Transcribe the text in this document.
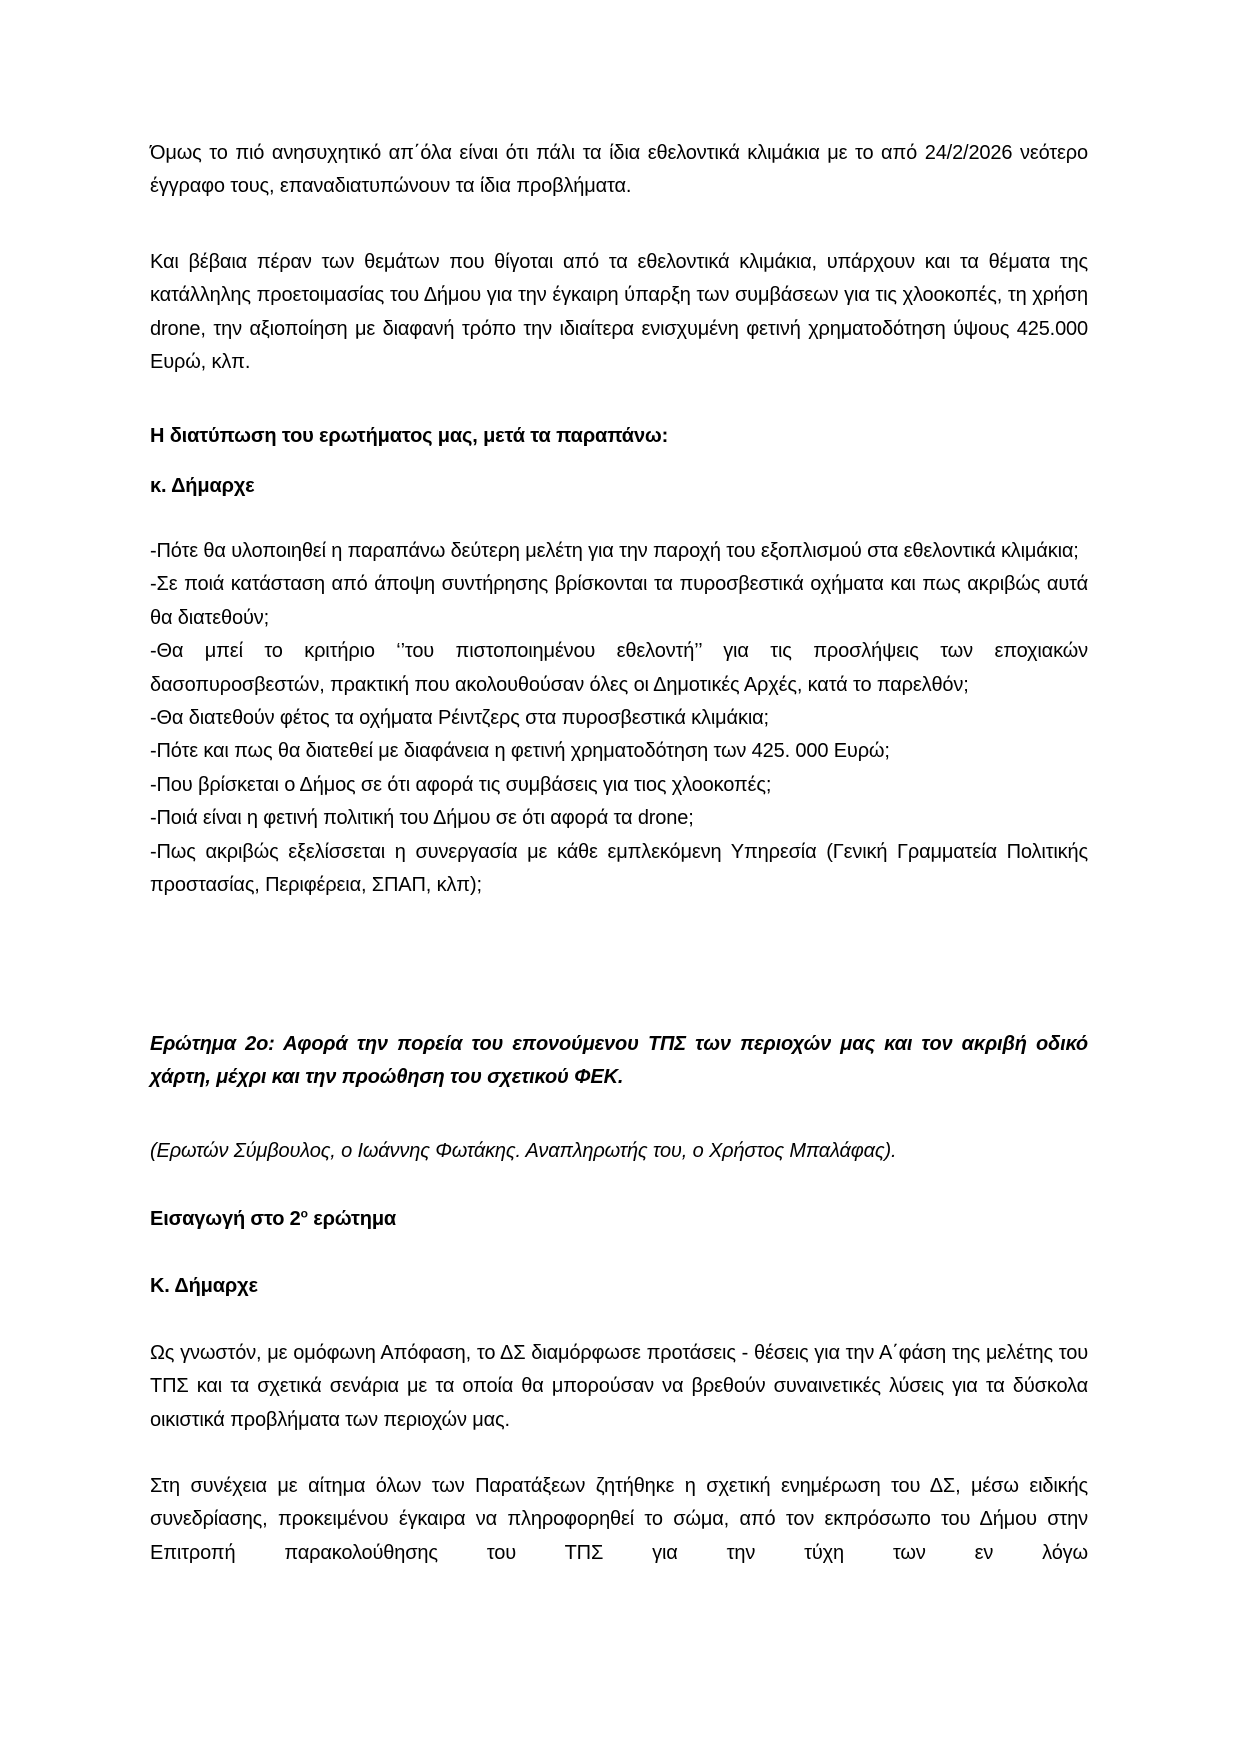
Όμως το πιό ανησυχητικό απ΄όλα είναι ότι πάλι τα ίδια εθελοντικά κλιμάκια με το από 24/2/2026 νεότερο έγγραφο τους, επαναδιατυπώνουν τα ίδια προβλήματα.

Και βέβαια πέραν των θεμάτων που θίγοται από τα εθελοντικά κλιμάκια, υπάρχουν και τα θέματα της κατάλληλης προετοιμασίας του Δήμου για την έγκαιρη ύπαρξη των συμβάσεων για τις χλοοκοπές, τη χρήση drone, την αξιοποίηση με διαφανή τρόπο την ιδιαίτερα ενισχυμένη φετινή χρηματοδότηση ύψους 425.000 Ευρώ, κλπ.

Η διατύπωση του ερωτήματος μας, μετά τα παραπάνω:

κ. Δήμαρχε

-Πότε θα υλοποιηθεί η παραπάνω δεύτερη μελέτη για την παροχή του εξοπλισμού στα εθελοντικά κλιμάκια;
-Σε ποιά κατάσταση από άποψη συντήρησης βρίσκονται τα πυροσβεστικά οχήματα και πως ακριβώς αυτά θα διατεθούν;
-Θα μπεί το κριτήριο ‘’του πιστοποιημένου εθελοντή’’ για τις προσλήψεις των εποχιακών δασοπυροσβεστών, πρακτική που ακολουθούσαν όλες οι Δημοτικές Αρχές, κατά το παρελθόν;
-Θα διατεθούν φέτος τα οχήματα Ρέιντζερς στα πυροσβεστικά κλιμάκια;
-Πότε και πως θα διατεθεί με διαφάνεια η φετινή χρηματοδότηση των 425. 000 Ευρώ;
-Που βρίσκεται ο Δήμος σε ότι αφορά τις συμβάσεις για τιος χλοοκοπές;
-Ποιά είναι η φετινή πολιτική του Δήμου σε ότι αφορά τα drone;
-Πως ακριβώς εξελίσσεται η συνεργασία με κάθε εμπλεκόμενη Υπηρεσία (Γενική Γραμματεία Πολιτικής προστασίας, Περιφέρεια, ΣΠΑΠ, κλπ);

Ερώτημα 2ο: Αφορά την πορεία του επονούμενου ΤΠΣ των περιοχών μας και τον ακριβή οδικό χάρτη, μέχρι και την προώθηση του σχετικού ΦΕΚ.

(Ερωτών Σύμβουλος, ο Ιωάννης Φωτάκης. Αναπληρωτής του, ο Χρήστος Μπαλάφας).

Εισαγωγή στο $2^o$ ερώτημα

Κ. Δήμαρχε

Ως γνωστόν, με ομόφωνη Απόφαση, το ΔΣ διαμόρφωσε προτάσεις - θέσεις για την Α΄φάση της μελέτης του ΤΠΣ και τα σχετικά σενάρια με τα οποία θα μπορούσαν να βρεθούν συναινετικές λύσεις για τα δύσκολα οικιστικά προβλήματα των περιοχών μας.

Στη συνέχεια με αίτημα όλων των Παρατάξεων ζητήθηκε η σχετική ενημέρωση του ΔΣ, μέσω ειδικής συνεδρίασης, προκειμένου έγκαιρα να πληροφορηθεί το σώμα, από τον εκπρόσωπο του Δήμου στην Επιτροπή παρακολούθησης του ΤΠΣ για την τύχη των εν λόγω
